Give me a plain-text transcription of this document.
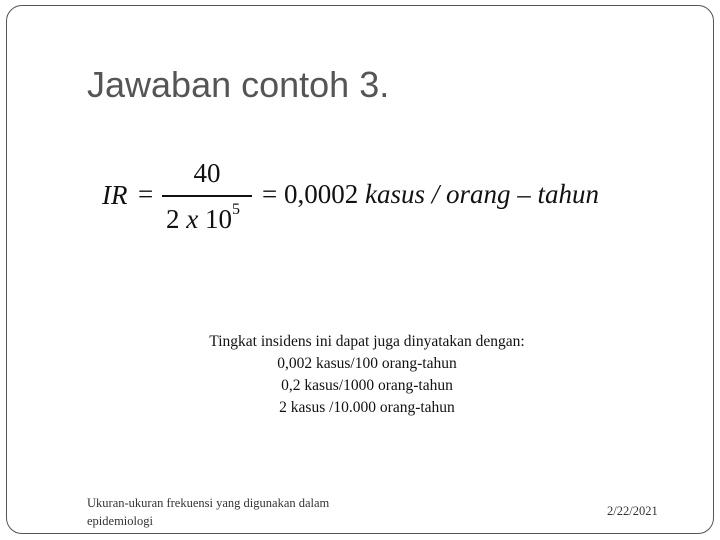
Jawaban contoh 3.
IR =
40
2 x $10^5$
= 0,0002 kasus / orang – tahun
Tingkat insidens ini dapat juga dinyatakan dengan:
0,002 kasus/100 orang-tahun
0,2 kasus/1000 orang-tahun
2 kasus /10.000 orang-tahun
Ukuran-ukuran frekuensi yang digunakan dalam epidemiologi
2/22/2021
